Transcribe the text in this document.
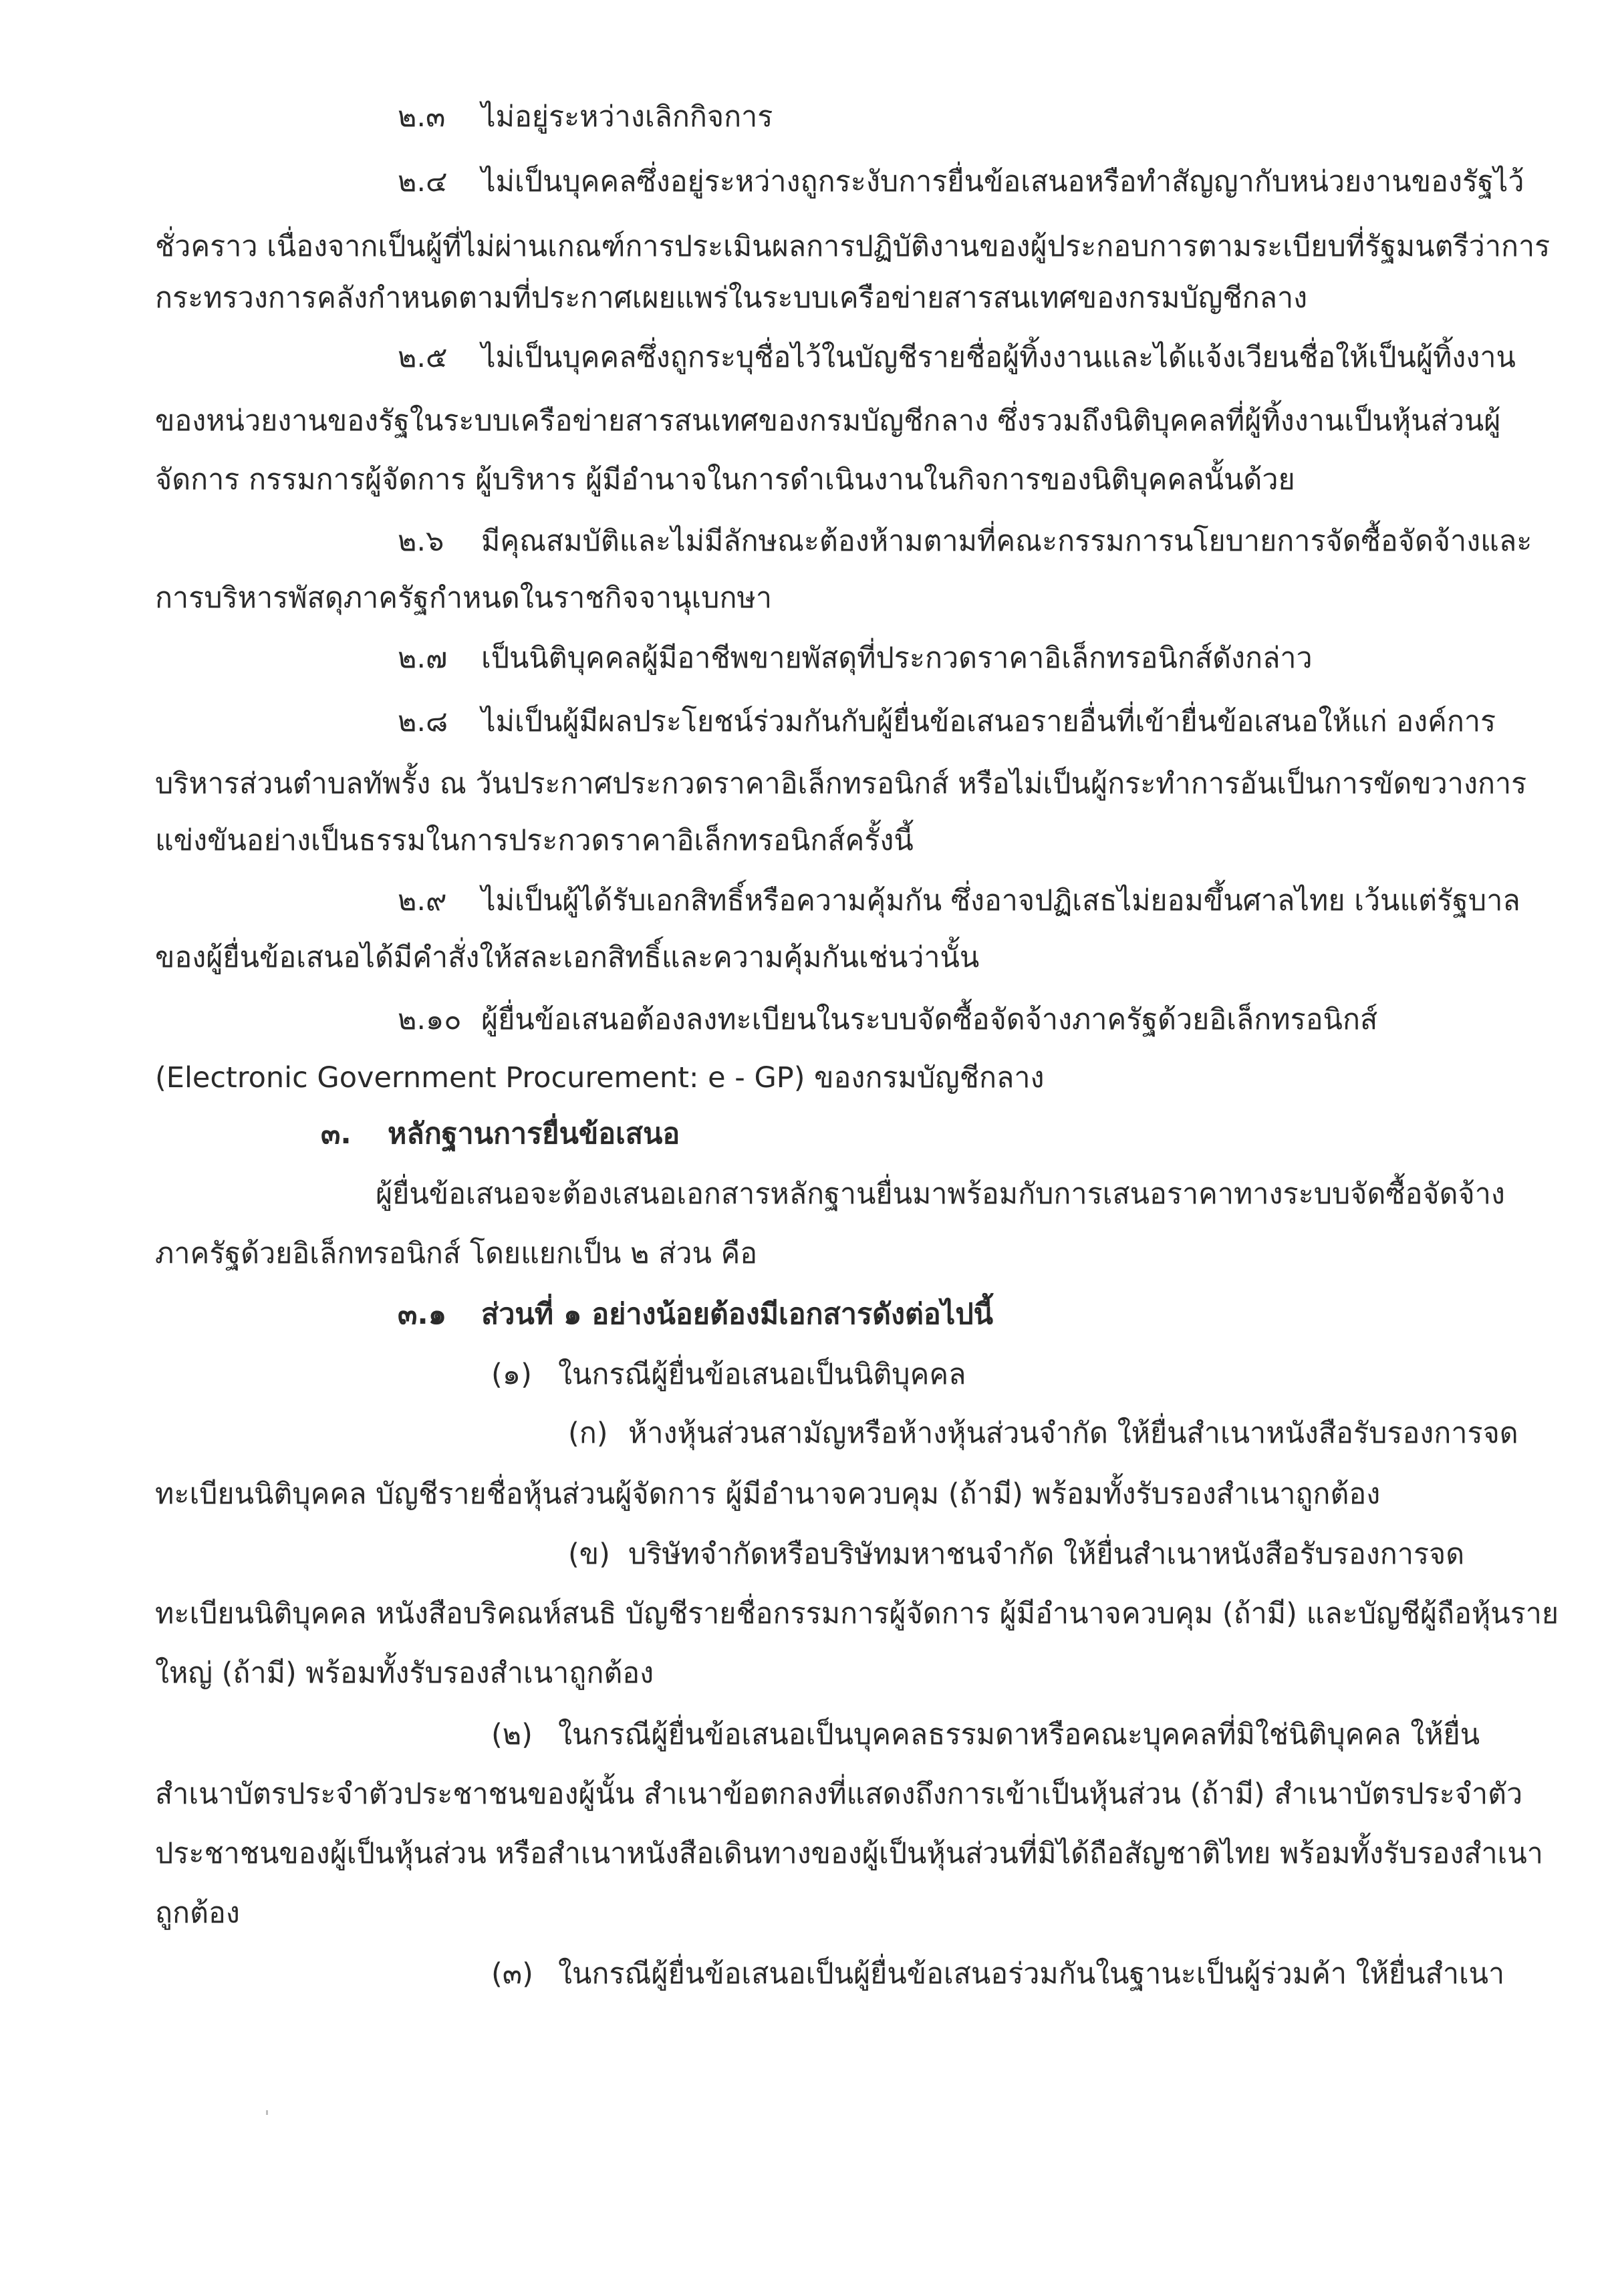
๒.๓ ไม่อยู่ระหว่างเลิกกิจการ
๒.๔ ไม่เป็นบุคคลซึ่งอยู่ระหว่างถูกระงับการยื่นข้อเสนอหรือทำสัญญากับหน่วยงานของรัฐไว้
ชั่วคราว เนื่องจากเป็นผู้ที่ไม่ผ่านเกณฑ์การประเมินผลการปฏิบัติงานของผู้ประกอบการตามระเบียบที่รัฐมนตรีว่าการ
กระทรวงการคลังกำหนดตามที่ประกาศเผยแพร่ในระบบเครือข่ายสารสนเทศของกรมบัญชีกลาง
๒.๕ ไม่เป็นบุคคลซึ่งถูกระบุชื่อไว้ในบัญชีรายชื่อผู้ทิ้งงานและได้แจ้งเวียนชื่อให้เป็นผู้ทิ้งงาน
ของหน่วยงานของรัฐในระบบเครือข่ายสารสนเทศของกรมบัญชีกลาง ซึ่งรวมถึงนิติบุคคลที่ผู้ทิ้งงานเป็นหุ้นส่วนผู้
จัดการ กรรมการผู้จัดการ ผู้บริหาร ผู้มีอำนาจในการดำเนินงานในกิจการของนิติบุคคลนั้นด้วย
๒.๖ มีคุณสมบัติและไม่มีลักษณะต้องห้ามตามที่คณะกรรมการนโยบายการจัดซื้อจัดจ้างและ
การบริหารพัสดุภาครัฐกำหนดในราชกิจจานุเบกษา
๒.๗ เป็นนิติบุคคลผู้มีอาชีพขายพัสดุที่ประกวดราคาอิเล็กทรอนิกส์ดังกล่าว
๒.๘ ไม่เป็นผู้มีผลประโยชน์ร่วมกันกับผู้ยื่นข้อเสนอรายอื่นที่เข้ายื่นข้อเสนอให้แก่ องค์การ
บริหารส่วนตำบลทัพรั้ง ณ วันประกาศประกวดราคาอิเล็กทรอนิกส์ หรือไม่เป็นผู้กระทำการอันเป็นการขัดขวางการ
แข่งขันอย่างเป็นธรรมในการประกวดราคาอิเล็กทรอนิกส์ครั้งนี้
๒.๙ ไม่เป็นผู้ได้รับเอกสิทธิ์หรือความคุ้มกัน ซึ่งอาจปฏิเสธไม่ยอมขึ้นศาลไทย เว้นแต่รัฐบาล
ของผู้ยื่นข้อเสนอได้มีคำสั่งให้สละเอกสิทธิ์และความคุ้มกันเช่นว่านั้น
๒.๑๐ ผู้ยื่นข้อเสนอต้องลงทะเบียนในระบบจัดซื้อจัดจ้างภาครัฐด้วยอิเล็กทรอนิกส์
(Electronic Government Procurement: e - GP) ของกรมบัญชีกลาง
๓. หลักฐานการยื่นข้อเสนอ
ผู้ยื่นข้อเสนอจะต้องเสนอเอกสารหลักฐานยื่นมาพร้อมกับการเสนอราคาทางระบบจัดซื้อจัดจ้าง
ภาครัฐด้วยอิเล็กทรอนิกส์ โดยแยกเป็น ๒ ส่วน คือ
๓.๑ ส่วนที่ ๑ อย่างน้อยต้องมีเอกสารดังต่อไปนี้
(๑) ในกรณีผู้ยื่นข้อเสนอเป็นนิติบุคคล
(ก) ห้างหุ้นส่วนสามัญหรือห้างหุ้นส่วนจำกัด ให้ยื่นสำเนาหนังสือรับรองการจด
ทะเบียนนิติบุคคล บัญชีรายชื่อหุ้นส่วนผู้จัดการ ผู้มีอำนาจควบคุม (ถ้ามี) พร้อมทั้งรับรองสำเนาถูกต้อง
(ข) บริษัทจำกัดหรือบริษัทมหาชนจำกัด ให้ยื่นสำเนาหนังสือรับรองการจด
ทะเบียนนิติบุคคล หนังสือบริคณห์สนธิ บัญชีรายชื่อกรรมการผู้จัดการ ผู้มีอำนาจควบคุม (ถ้ามี) และบัญชีผู้ถือหุ้นราย
ใหญ่ (ถ้ามี) พร้อมทั้งรับรองสำเนาถูกต้อง
(๒) ในกรณีผู้ยื่นข้อเสนอเป็นบุคคลธรรมดาหรือคณะบุคคลที่มิใช่นิติบุคคล ให้ยื่น
สำเนาบัตรประจำตัวประชาชนของผู้นั้น สำเนาข้อตกลงที่แสดงถึงการเข้าเป็นหุ้นส่วน (ถ้ามี) สำเนาบัตรประจำตัว
ประชาชนของผู้เป็นหุ้นส่วน หรือสำเนาหนังสือเดินทางของผู้เป็นหุ้นส่วนที่มิได้ถือสัญชาติไทย พร้อมทั้งรับรองสำเนา
ถูกต้อง
(๓) ในกรณีผู้ยื่นข้อเสนอเป็นผู้ยื่นข้อเสนอร่วมกันในฐานะเป็นผู้ร่วมค้า ให้ยื่นสำเนา
